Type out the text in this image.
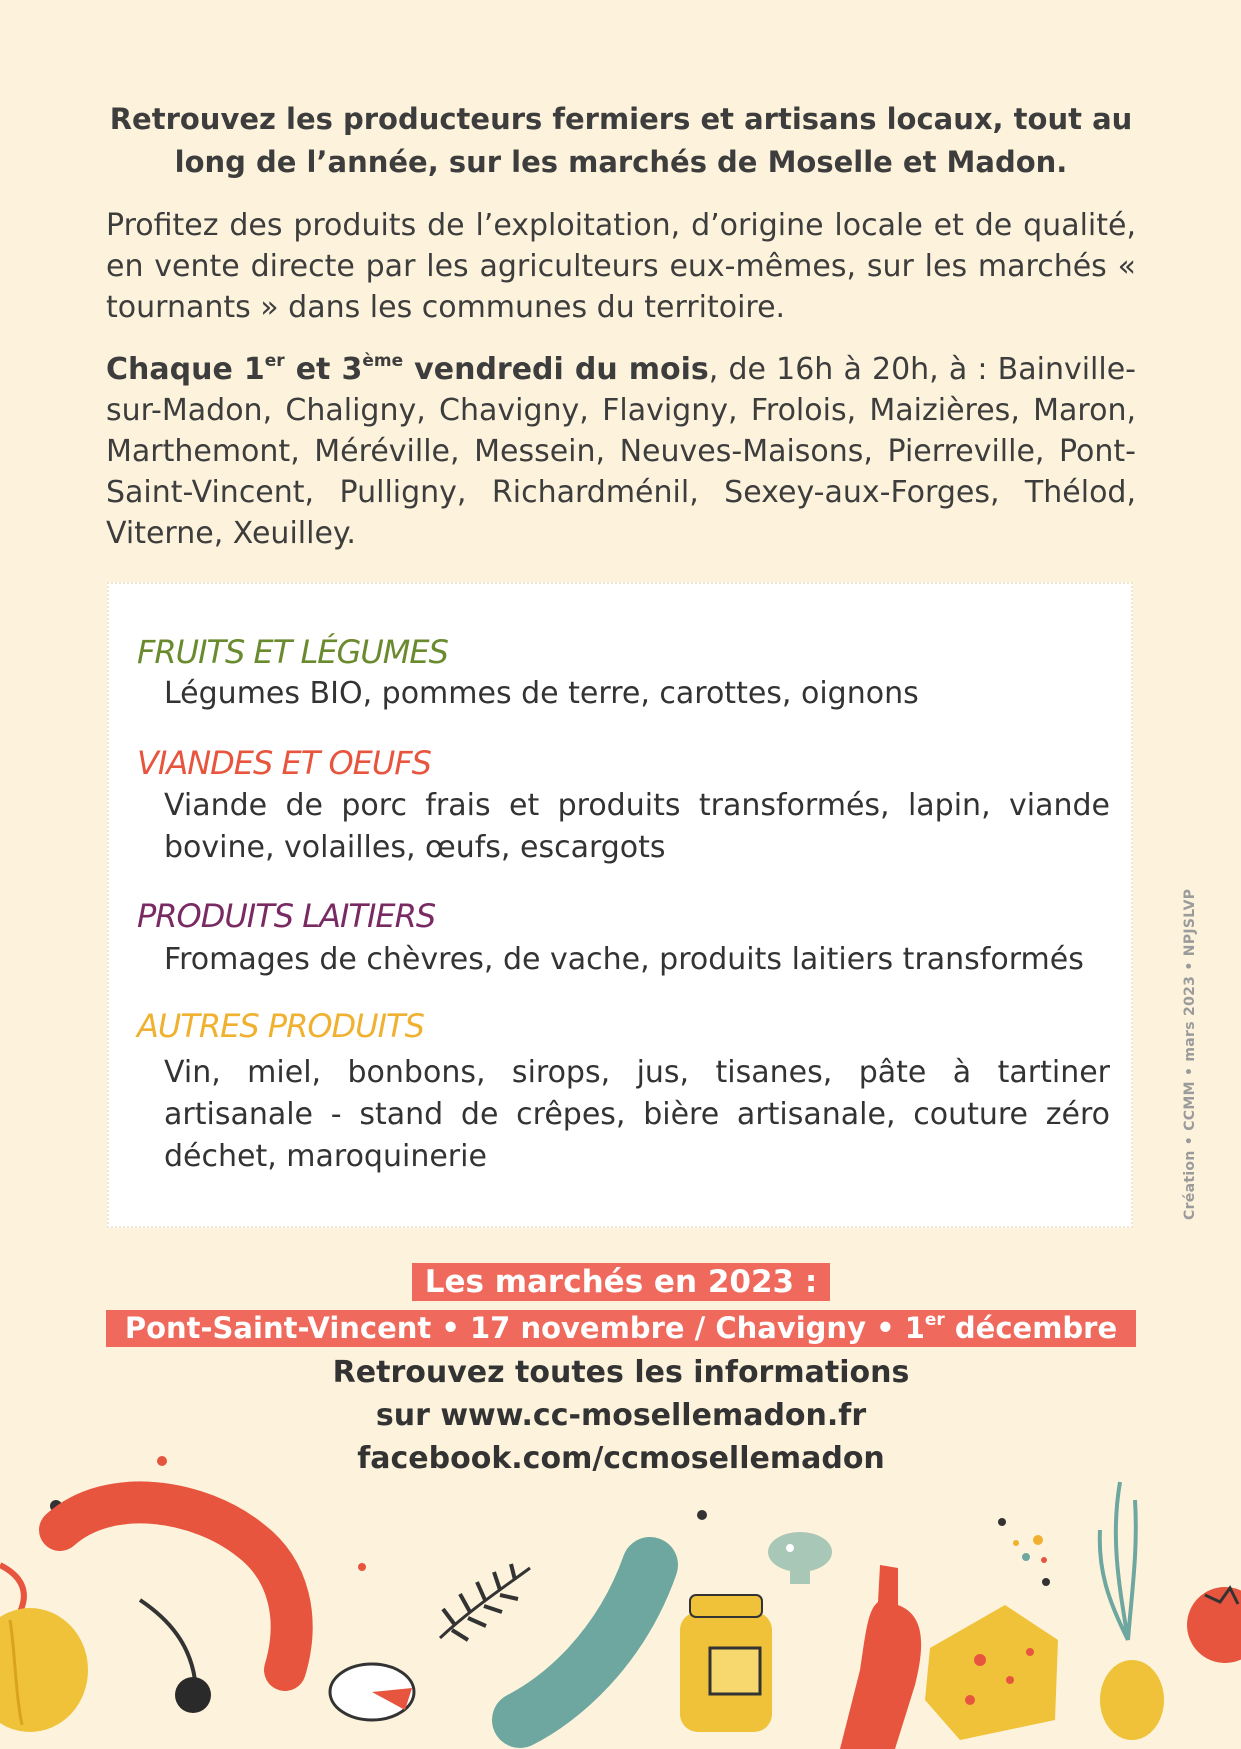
Retrouvez les producteurs fermiers et artisans locaux, tout au
long de l’année, sur les marchés de Moselle et Madon.
Profitez des produits de l’exploitation, d’origine locale et de qualité, en vente directe par les agriculteurs eux-mêmes, sur les marchés « tournants » dans les communes du territoire.
Chaque 1er et 3ème vendredi du mois, de 16h à 20h, à : Bainville-sur-Madon, Chaligny, Chavigny, Flavigny, Frolois, Maizières, Maron, Marthemont, Méréville, Messein, Neuves-Maisons, Pierreville, Pont-Saint-Vincent, Pulligny, Richardménil, Sexey-aux-Forges, Thélod, Viterne, Xeuilley.
FRUITS ET LÉGUMES
Légumes BIO, pommes de terre, carottes, oignons
VIANDES ET OEUFS
Viande de porc frais et produits transformés, lapin, viande bovine, volailles, œufs, escargots
PRODUITS LAITIERS
Fromages de chèvres, de vache, produits laitiers transformés
AUTRES PRODUITS
Vin, miel, bonbons, sirops, jus, tisanes, pâte à tartiner artisanale - stand de crêpes, bière artisanale, couture zéro déchet, maroquinerie	Création • CCMM • mars 2023 • NPJSLVP
Les marchés en 2023 :
Pont-Saint-Vincent • 17 novembre / Chavigny • 1er décembre
Retrouvez toutes les informations
sur www.cc-mosellemadon.fr
facebook.com/ccmosellemadon
